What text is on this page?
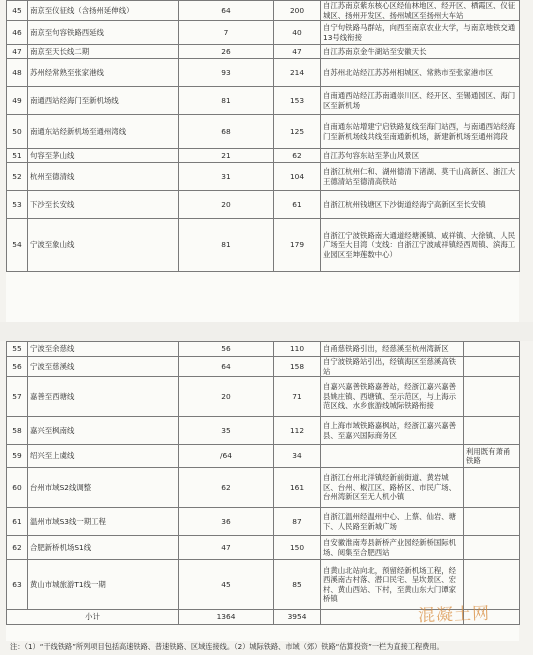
45	南京至仪征线（含扬州延伸线）	64	200	自江苏南京紫东核心区经仙林地区、经开区、栖霞区、仪征城区、扬州开发区、扬州城区至扬州大车站
46	南京至句容铁路西延线	7	40	自宁句铁路马群站，向西至南京农业大学，与南京地铁交通13号线衔接
47	南京至天长线二期	26	47	自江苏南京金牛湖站至安徽天长
48	苏州经常熟至张家港线	93	214	自苏州北站经江苏苏州相城区、常熟市至张家港市区
49	南通西站经海门至新机场线	81	153	自南通西站经江苏南通崇川区、经开区、至锡通园区、海门区至新机场
50	南通东站经新机场至通州湾线	68	125	自南通东站增建宁启铁路复线至海门站西，与南通西站经海门至新机场线共线至南通新机场，新建新机场至通州湾段
51	句容至茅山线	21	62	自江苏句容东站至茅山风景区
52	杭州至德清线	31	104	自浙江杭州仁和、湖州德清下渚湖、莫干山高新区、浙江大王德清站至德清高铁站
53	下沙至长安线	20	61	自浙江杭州钱塘区下沙街道经海宁高新区至长安镇
54	宁波至象山线	81	179	自浙江宁波铁路南大通道经塘溪镇、咸祥镇、大徐镇、人民广场至大目湾（支线：自浙江宁波咸祥镇经西周镇、滨海工业园区至坤莲数中心）
55	宁波至余慈线	56	110	自甬慈铁路引出，经慈溪至杭州湾新区	
56	宁波至慈溪线	64	158	自宁波铁路站引出，经镇海区至慈溪高铁站	
57	嘉善至西塘线	20	71	自嘉兴嘉善铁路嘉善站，经浙江嘉兴嘉善县姚庄镇、西塘镇、至示范区，与上海示范区线、水乡旅游线城际铁路衔接	
58	嘉兴至枫南线	35	112	自上海市域铁路嘉枫站，经浙江嘉兴嘉善县、至嘉兴国际商务区	
59	绍兴至上虞线	/64	34		利用既有萧甬铁路
60	台州市域S2线调整	62	161	自浙江台州北洋镇经新前街道、黄岩城区、台州、椒江区、路桥区、市民广场、台州湾新区至无人机小镇	
61	温州市域S3线一期工程	36	87	自浙江温州经温州中心、上蔡、仙岩、塘下、人民路至新城广场	
62	合肥新桥机场S1线	47	150	自安徽淮南寿县新桥产业园经新桥国际机场、阅集至合肥西站	
63	黄山市城旅游T1线一期	45	85	自黄山北站向北，预留经新机场工程，经西溪南古村落、潜口民宅、呈坎景区、宏村、黄山西站、下村，至黄山东大门谭家桥镇	
小计		1364	3954		
注：（1）“干线铁路”所列项目包括高速铁路、普速铁路、区域连接线。（2）城际铁路、市域（郊）铁路“估算投资”一栏为直接工程费用。
混凝土网
